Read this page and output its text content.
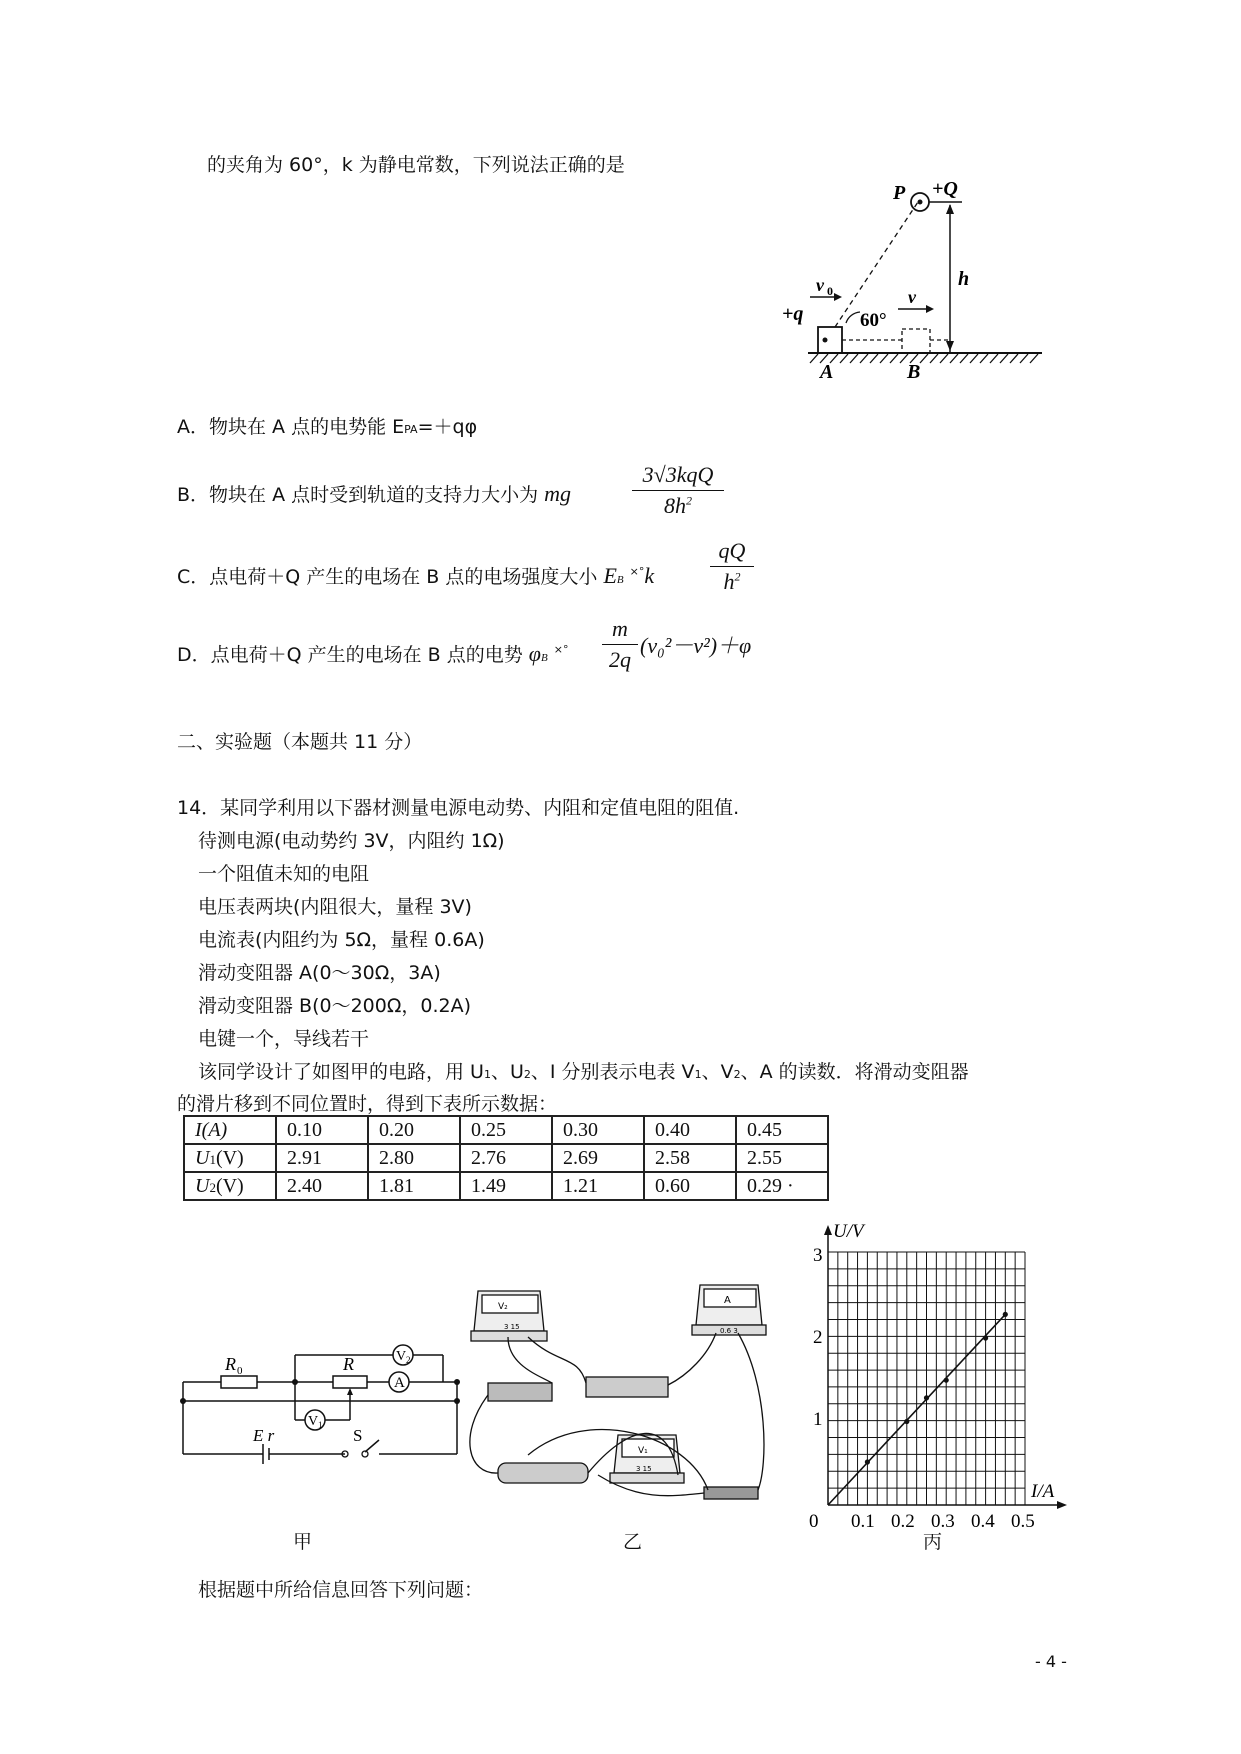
的夹角为 60°，k 为静电常数，下列说法正确的是
P +Q
h
v 0
+q	60°
v
A	B
A．物块在 A 点的电势能 EPA=＋qφ
B．物块在 A 点时受到轨道的支持力大小为 mg
3√3kqQ
$8h^2$
C．点电荷＋Q 产生的电场在 B 点的电场强度大小 EB ×°k
qQ
$h^2$
D．点电荷＋Q 产生的电场在 B 点的电势 φB ×°
m
2q
(v₀²－v²)＋φ
二、实验题（本题共 11 分）
14．某同学利用以下器材测量电源电动势、内阻和定值电阻的阻值.
待测电源(电动势约 3V，内阻约 1Ω)
一个阻值未知的电阻
电压表两块(内阻很大，量程 3V)
电流表(内阻约为 5Ω，量程 0.6A)
滑动变阻器 A(0～30Ω，3A)
滑动变阻器 B(0～200Ω，0.2A)
电键一个，导线若干
该同学设计了如图甲的电路，用 U1、U2、I 分别表示电表 V1、V2、A 的读数．将滑动变阻器
的滑片移到不同位置时，得到下表所示数据：
I(A)	0.10	0.20	0.25	0.30	0.40	0.45
U1(V)	2.91	2.80	2.76	2.69	2.58	2.55
U2(V)	2.40	1.81	1.49	1.21	0.60	0.29 ·
R 0	R	V 2
A
V 1
E r	S
甲
V₂
A
V₁
3 15	0.6 3
3 15
乙
U/V
I/A
3
2
1
0 0.1 0.2 0.3 0.4 0.5
丙
根据题中所给信息回答下列问题：
- 4 -
